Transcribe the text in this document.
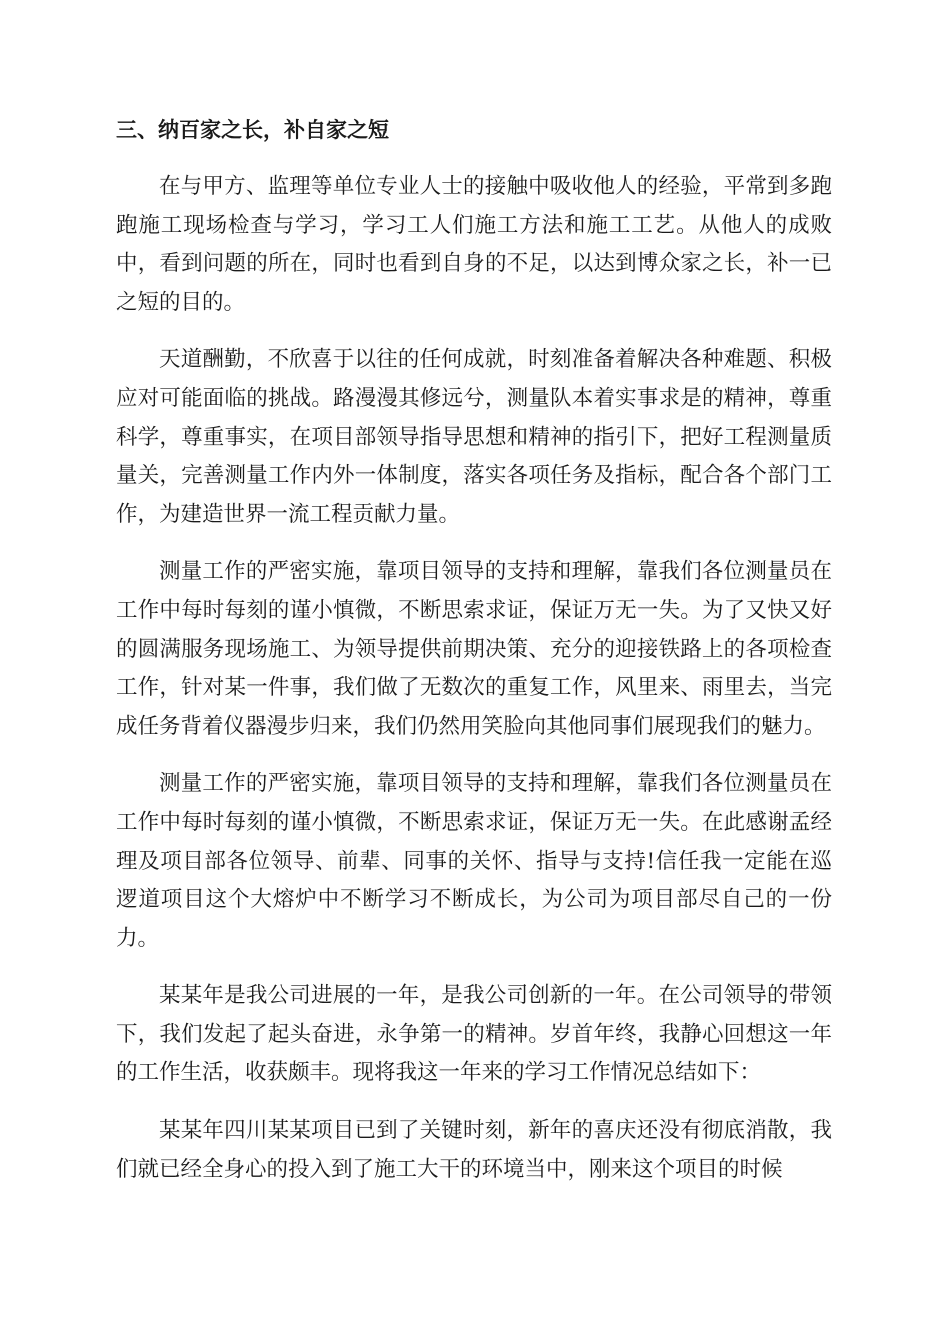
三、纳百家之长，补自家之短

在与甲方、监理等单位专业人士的接触中吸收他人的经验，平常到多跑跑施工现场检查与学习，学习工人们施工方法和施工工艺。从他人的成败中，看到问题的所在，同时也看到自身的不足，以达到博众家之长，补一已之短的目的。

天道酬勤，不欣喜于以往的任何成就，时刻准备着解决各种难题、积极应对可能面临的挑战。路漫漫其修远兮，测量队本着实事求是的精神，尊重科学，尊重事实，在项目部领导指导思想和精神的指引下，把好工程测量质量关，完善测量工作内外一体制度，落实各项任务及指标，配合各个部门工作，为建造世界一流工程贡献力量。

测量工作的严密实施，靠项目领导的支持和理解，靠我们各位测量员在工作中每时每刻的谨小慎微，不断思索求证，保证万无一失。为了又快又好的圆满服务现场施工、为领导提供前期决策、充分的迎接铁路上的各项检查工作，针对某一件事，我们做了无数次的重复工作，风里来、雨里去，当完成任务背着仪器漫步归来，我们仍然用笑脸向其他同事们展现我们的魅力。

测量工作的严密实施，靠项目领导的支持和理解，靠我们各位测量员在工作中每时每刻的谨小慎微，不断思索求证，保证万无一失。在此感谢孟经理及项目部各位领导、前辈、同事的关怀、指导与支持!信任我一定能在巡逻道项目这个大熔炉中不断学习不断成长，为公司为项目部尽自己的一份力。

某某年是我公司进展的一年，是我公司创新的一年。在公司领导的带领下，我们发起了起头奋进，永争第一的精神。岁首年终，我静心回想这一年的工作生活，收获颇丰。现将我这一年来的学习工作情况总结如下：

某某年四川某某项目已到了关键时刻，新年的喜庆还没有彻底消散，我们就已经全身心的投入到了施工大干的环境当中，刚来这个项目的时候
